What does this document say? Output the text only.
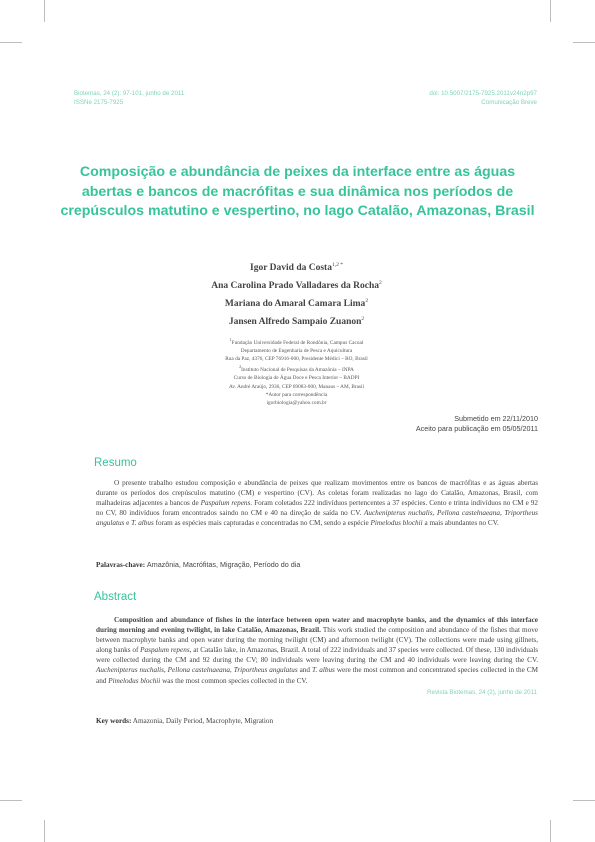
Biotemas, 24 (2): 97-101, junho de 2011
ISSNe 2175-7925
doi: 10.5007/2175-7925.2011v24n2p97
Comunicação Breve
Composição e abundância de peixes da interface entre as águas abertas e bancos de macrófitas e sua dinâmica nos períodos de crepúsculos matutino e vespertino, no lago Catalão, Amazonas, Brasil
Igor David da Costa$^{1,2 *}$
Ana Carolina Prado Valladares da Rocha$^2$
Mariana do Amaral Camara Lima$^2$
Jansen Alfredo Sampaio Zuanon$^2$
$^1$Fundação Universidade Federal de Rondônia, Campus Cacoal
Departamento de Engenharia de Pesca e Aquicultura
Rua da Paz, 4376, CEP 76916-000, Presidente Médici – RO, Brasil
$^2$Instituto Nacional de Pesquisas da Amazônia – INPA
Curso de Biologia de Água Doce e Pesca Interior – BADPI
Av. André Araújo, 2936, CEP 69083-000, Manaus – AM, Brasil
*Autor para correspondência
igorbiologia@yahoo.com.br
Submetido em 22/11/2010
Aceito para publicação em 05/05/2011
Resumo

O presente trabalho estudou composição e abundância de peixes que realizam movimentos entre os bancos de macrófitas e as águas abertas durante os períodos dos crepúsculos matutino (CM) e vespertino (CV). As coletas foram realizadas no lago do Catalão, Amazonas, Brasil, com malhadeiras adjacentes a bancos de Paspalum repens. Foram coletados 222 indivíduos pertencentes a 37 espécies. Cento e trinta indivíduos no CM e 92 no CV, 80 indivíduos foram encontrados saindo no CM e 40 na direção de saída no CV. Auchenipterus nuchalis, Pellona castelnaeana, Triportheus angulatus e T. albus foram as espécies mais capturadas e concentradas no CM, sendo a espécie Pimelodus blochii a mais abundantes no CV.

Palavras-chave: Amazônia, Macrófitas, Migração, Período do dia
Abstract

Composition and abundance of fishes in the interface between open water and macrophyte banks, and the dynamics of this interface during morning and evening twilight, in lake Catalão, Amazonas, Brazil. This work studied the composition and abundance of the fishes that move between macrophyte banks and open water during the morning twilight (CM) and afternoon twilight (CV). The collections were made using gillnets, along banks of Paspalum repens, at Catalão lake, in Amazonas, Brazil. A total of 222 individuals and 37 species were collected. Of these, 130 individuals were collected during the CM and 92 during the CV; 80 individuals were leaving during the CM and 40 individuals were leaving during the CV. Auchenipterus nuchalis, Pellona castelnaeana, Triportheus angulatus and T. albus were the most common and concentrated species collected in the CM and Pimelodus blochii was the most common species collected in the CV.

Key words: Amazonia, Daily Period, Macrophyte, Migration
Revista Biotemas, 24 (2), junho de 2011
